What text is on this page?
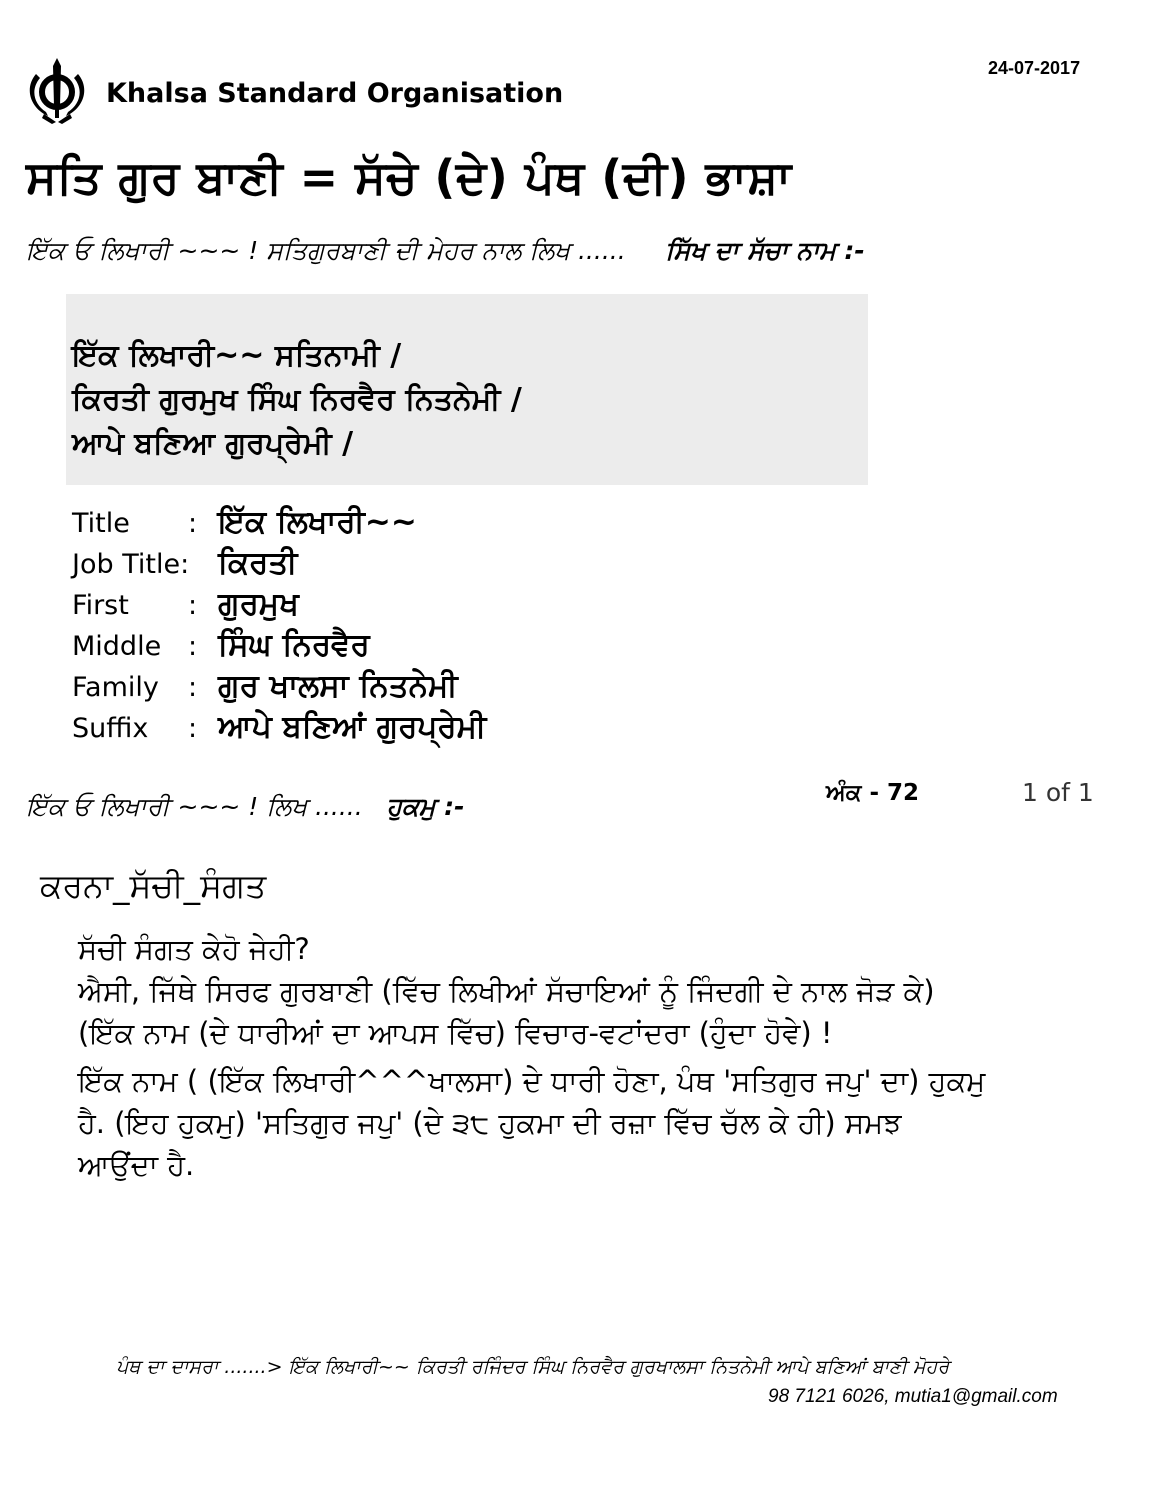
Khalsa Standard Organisation
24-07-2017
ਸਤਿ ਗੁਰ ਬਾਣੀ = ਸੱਚੇ (ਦੇ) ਪੰਥ (ਦੀ) ਭਾਸ਼ਾ
ਇੱਕ ਓ ਲਿਖਾਰੀ ~~~ ! ਸਤਿਗੁਰਬਾਣੀ ਦੀ ਮੇਹਰ ਨਾਲ ਲਿਖ ...... ਸਿੱਖ ਦਾ ਸੱਚਾ ਨਾਮ :-
ਇੱਕ ਲਿਖਾਰੀ~~ ਸਤਿਨਾਮੀ /
ਕਿਰਤੀ ਗੁਰਮੁਖ ਸਿੰਘ ਨਿਰਵੈਰ ਨਿਤਨੇਮੀ /
ਆਪੇ ਬਣਿਆ ਗੁਰਪ੍ਰੇਮੀ /
Title : ਇੱਕ ਲਿਖਾਰੀ~~
Job Title: ਕਿਰਤੀ
First : ਗੁਰਮੁਖ
Middle : ਸਿੰਘ ਨਿਰਵੈਰ
Family : ਗੁਰ ਖਾਲਸਾ ਨਿਤਨੇਮੀ
Suffix : ਆਪੇ ਬਣਿਆਂ ਗੁਰਪ੍ਰੇਮੀ
ਇੱਕ ਓ ਲਿਖਾਰੀ ~~~ ! ਲਿਖ ...... ਹੁਕਮੁ :-	ਅੰਕ - 72	1 of 1
ਕਰਨਾ_ਸੱਚੀ_ਸੰਗਤ
ਸੱਚੀ ਸੰਗਤ ਕੇਹੋ ਜੇਹੀ?
ਐਸੀ, ਜਿੱਥੇ ਸਿਰਫ ਗੁਰਬਾਣੀ (ਵਿੱਚ ਲਿਖੀਆਂ ਸੱਚਾਇਆਂ ਨੂੰ ਜਿੰਦਗੀ ਦੇ ਨਾਲ ਜੋੜ ਕੇ)
(ਇੱਕ ਨਾਮ (ਦੇ ਧਾਰੀਆਂ ਦਾ ਆਪਸ ਵਿੱਚ) ਵਿਚਾਰ-ਵਟਾਂਦਰਾ (ਹੁੰਦਾ ਹੋਵੇ) !
ਇੱਕ ਨਾਮ ( (ਇੱਕ ਲਿਖਾਰੀ^^^ਖਾਲਸਾ) ਦੇ ਧਾਰੀ ਹੋਣਾ, ਪੰਥ 'ਸਤਿਗੁਰ ਜਪੁ' ਦਾ) ਹੁਕਮੁ
ਹੈ. (ਇਹ ਹੁਕਮੁ) 'ਸਤਿਗੁਰ ਜਪੁ' (ਦੇ ੩੮ ਹੁਕਮਾ ਦੀ ਰਜ਼ਾ ਵਿੱਚ ਚੱਲ ਕੇ ਹੀ) ਸਮਝ
ਆਉਂਦਾ ਹੈ.
ਪੰਥ ਦਾ ਦਾਸਰਾ .......> ਇੱਕ ਲਿਖਾਰੀ~~ ਕਿਰਤੀ ਰਜਿੰਦਰ ਸਿੰਘ ਨਿਰਵੈਰ ਗੁਰਖਾਲਸਾ ਨਿਤਨੇਮੀ ਆਪੇ ਬਣਿਆਂ ਬਾਣੀ ਮੋਹਰੇ
98 7121 6026, mutia1@gmail.com
